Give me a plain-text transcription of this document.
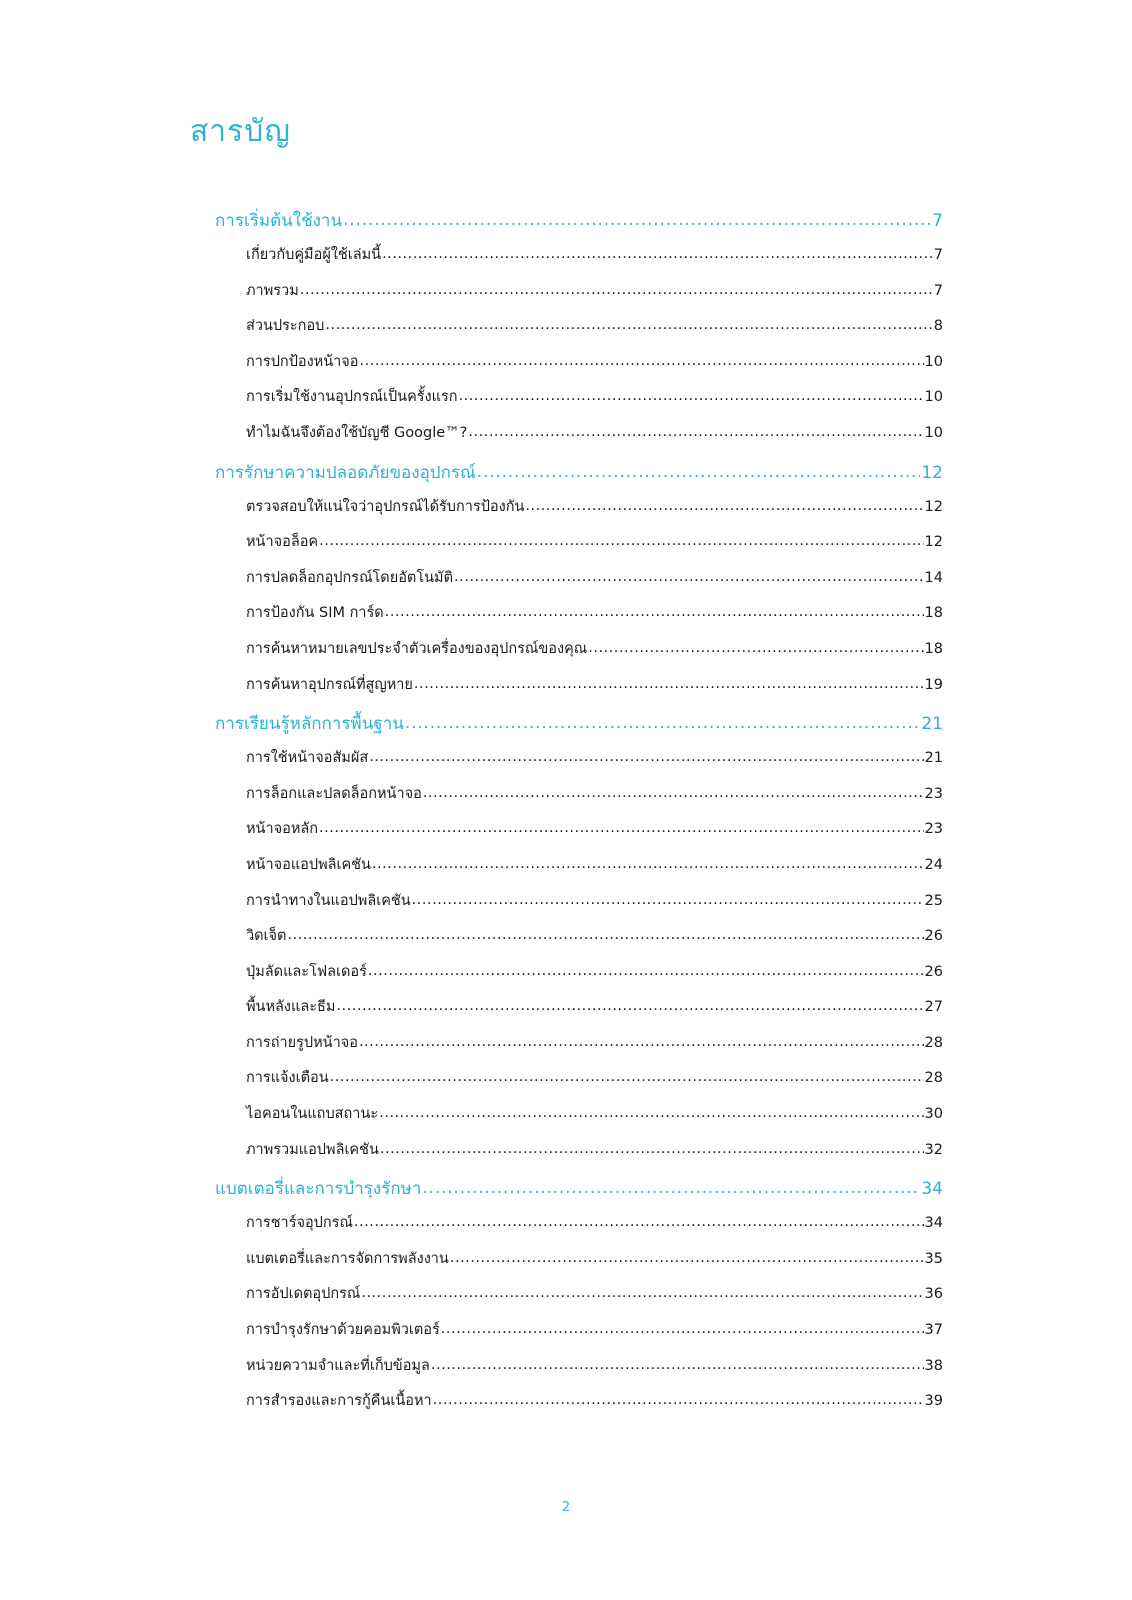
สารบัญ
การเริ่มต้นใช้งาน .....	7
เกี่ยวกับคู่มือผู้ใช้เล่มนี้ .....	7
ภาพรวม .....	7
ส่วนประกอบ .....	8
การปกป้องหน้าจอ .....	10
การเริ่มใช้งานอุปกรณ์เป็นครั้งแรก .....	10
ทำไมฉันจึงต้องใช้บัญชี Google™? .....	10
การรักษาความปลอดภัยของอุปกรณ์ .....	12
ตรวจสอบให้แน่ใจว่าอุปกรณ์ได้รับการป้องกัน .....	12
หน้าจอล็อค .....	12
การปลดล็อกอุปกรณ์โดยอัตโนมัติ .....	14
การป้องกัน SIM การ์ด .....	18
การค้นหาหมายเลขประจำตัวเครื่องของอุปกรณ์ของคุณ .....	18
การค้นหาอุปกรณ์ที่สูญหาย .....	19
การเรียนรู้หลักการพื้นฐาน .....	21
การใช้หน้าจอสัมผัส .....	21
การล็อกและปลดล็อกหน้าจอ .....	23
หน้าจอหลัก .....	23
หน้าจอแอปพลิเคชัน .....	24
การนำทางในแอปพลิเคชัน .....	25
วิดเจ็ต .....	26
ปุ่มลัดและโฟลเดอร์ .....	26
พื้นหลังและธีม .....	27
การถ่ายรูปหน้าจอ .....	28
การแจ้งเตือน .....	28
ไอคอนในแถบสถานะ .....	30
ภาพรวมแอปพลิเคชัน .....	32
แบตเตอรี่และการบำรุงรักษา .....	34
การชาร์จอุปกรณ์ .....	34
แบตเตอรี่และการจัดการพลังงาน .....	35
การอัปเดตอุปกรณ์ .....	36
การบำรุงรักษาด้วยคอมพิวเตอร์ .....	37
หน่วยความจำและที่เก็บข้อมูล .....	38
การสำรองและการกู้คืนเนื้อหา .....	39
2
